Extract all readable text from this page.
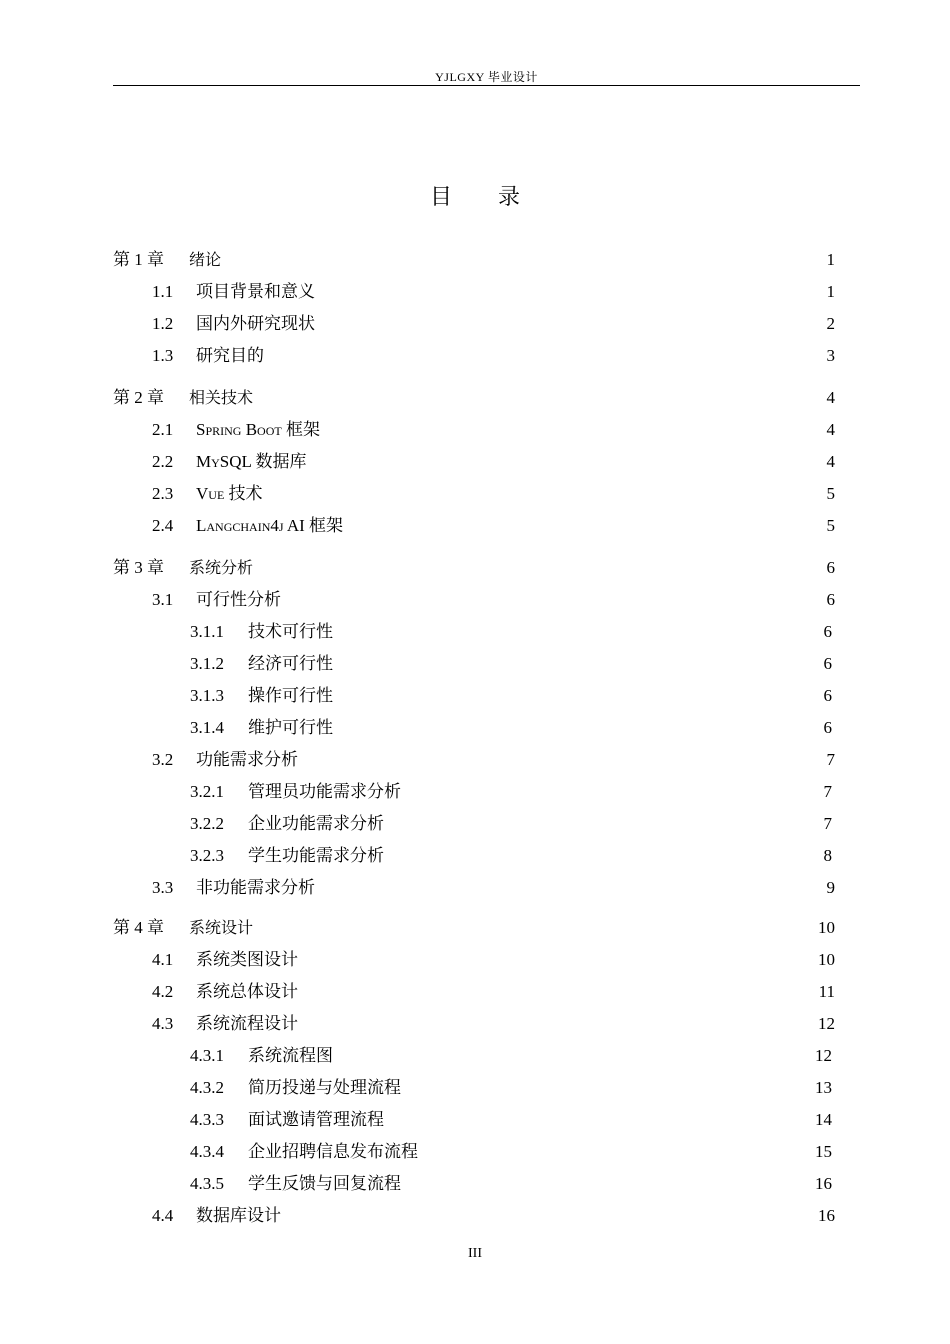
YJLGXY 毕业设计
目 录
第 1 章	绪论 .....	1
1.1	项目背景和意义 .....	1
1.2	国内外研究现状 .....	2
1.3	研究目的 .....	3
第 2 章	相关技术 .....	4
2.1	Spring Boot 框架 .....	4
2.2	MySQL 数据库 .....	4
2.3	Vue 技术 .....	5
2.4	Langchain4j AI 框架 .....	5
第 3 章	系统分析 .....	6
3.1	可行性分析 .....	6
3.1.1	技术可行性 .....	6
3.1.2	经济可行性 .....	6
3.1.3	操作可行性 .....	6
3.1.4	维护可行性 .....	6
3.2	功能需求分析 .....	7
3.2.1	管理员功能需求分析 .....	7
3.2.2	企业功能需求分析 .....	7
3.2.3	学生功能需求分析 .....	8
3.3	非功能需求分析 .....	9
第 4 章	系统设计 .....	10
4.1	系统类图设计 .....	10
4.2	系统总体设计 .....	11
4.3	系统流程设计 .....	12
4.3.1	系统流程图 .....	12
4.3.2	简历投递与处理流程 .....	13
4.3.3	面试邀请管理流程 .....	14
4.3.4	企业招聘信息发布流程 .....	15
4.3.5	学生反馈与回复流程 .....	16
4.4	数据库设计 .....	16
III
